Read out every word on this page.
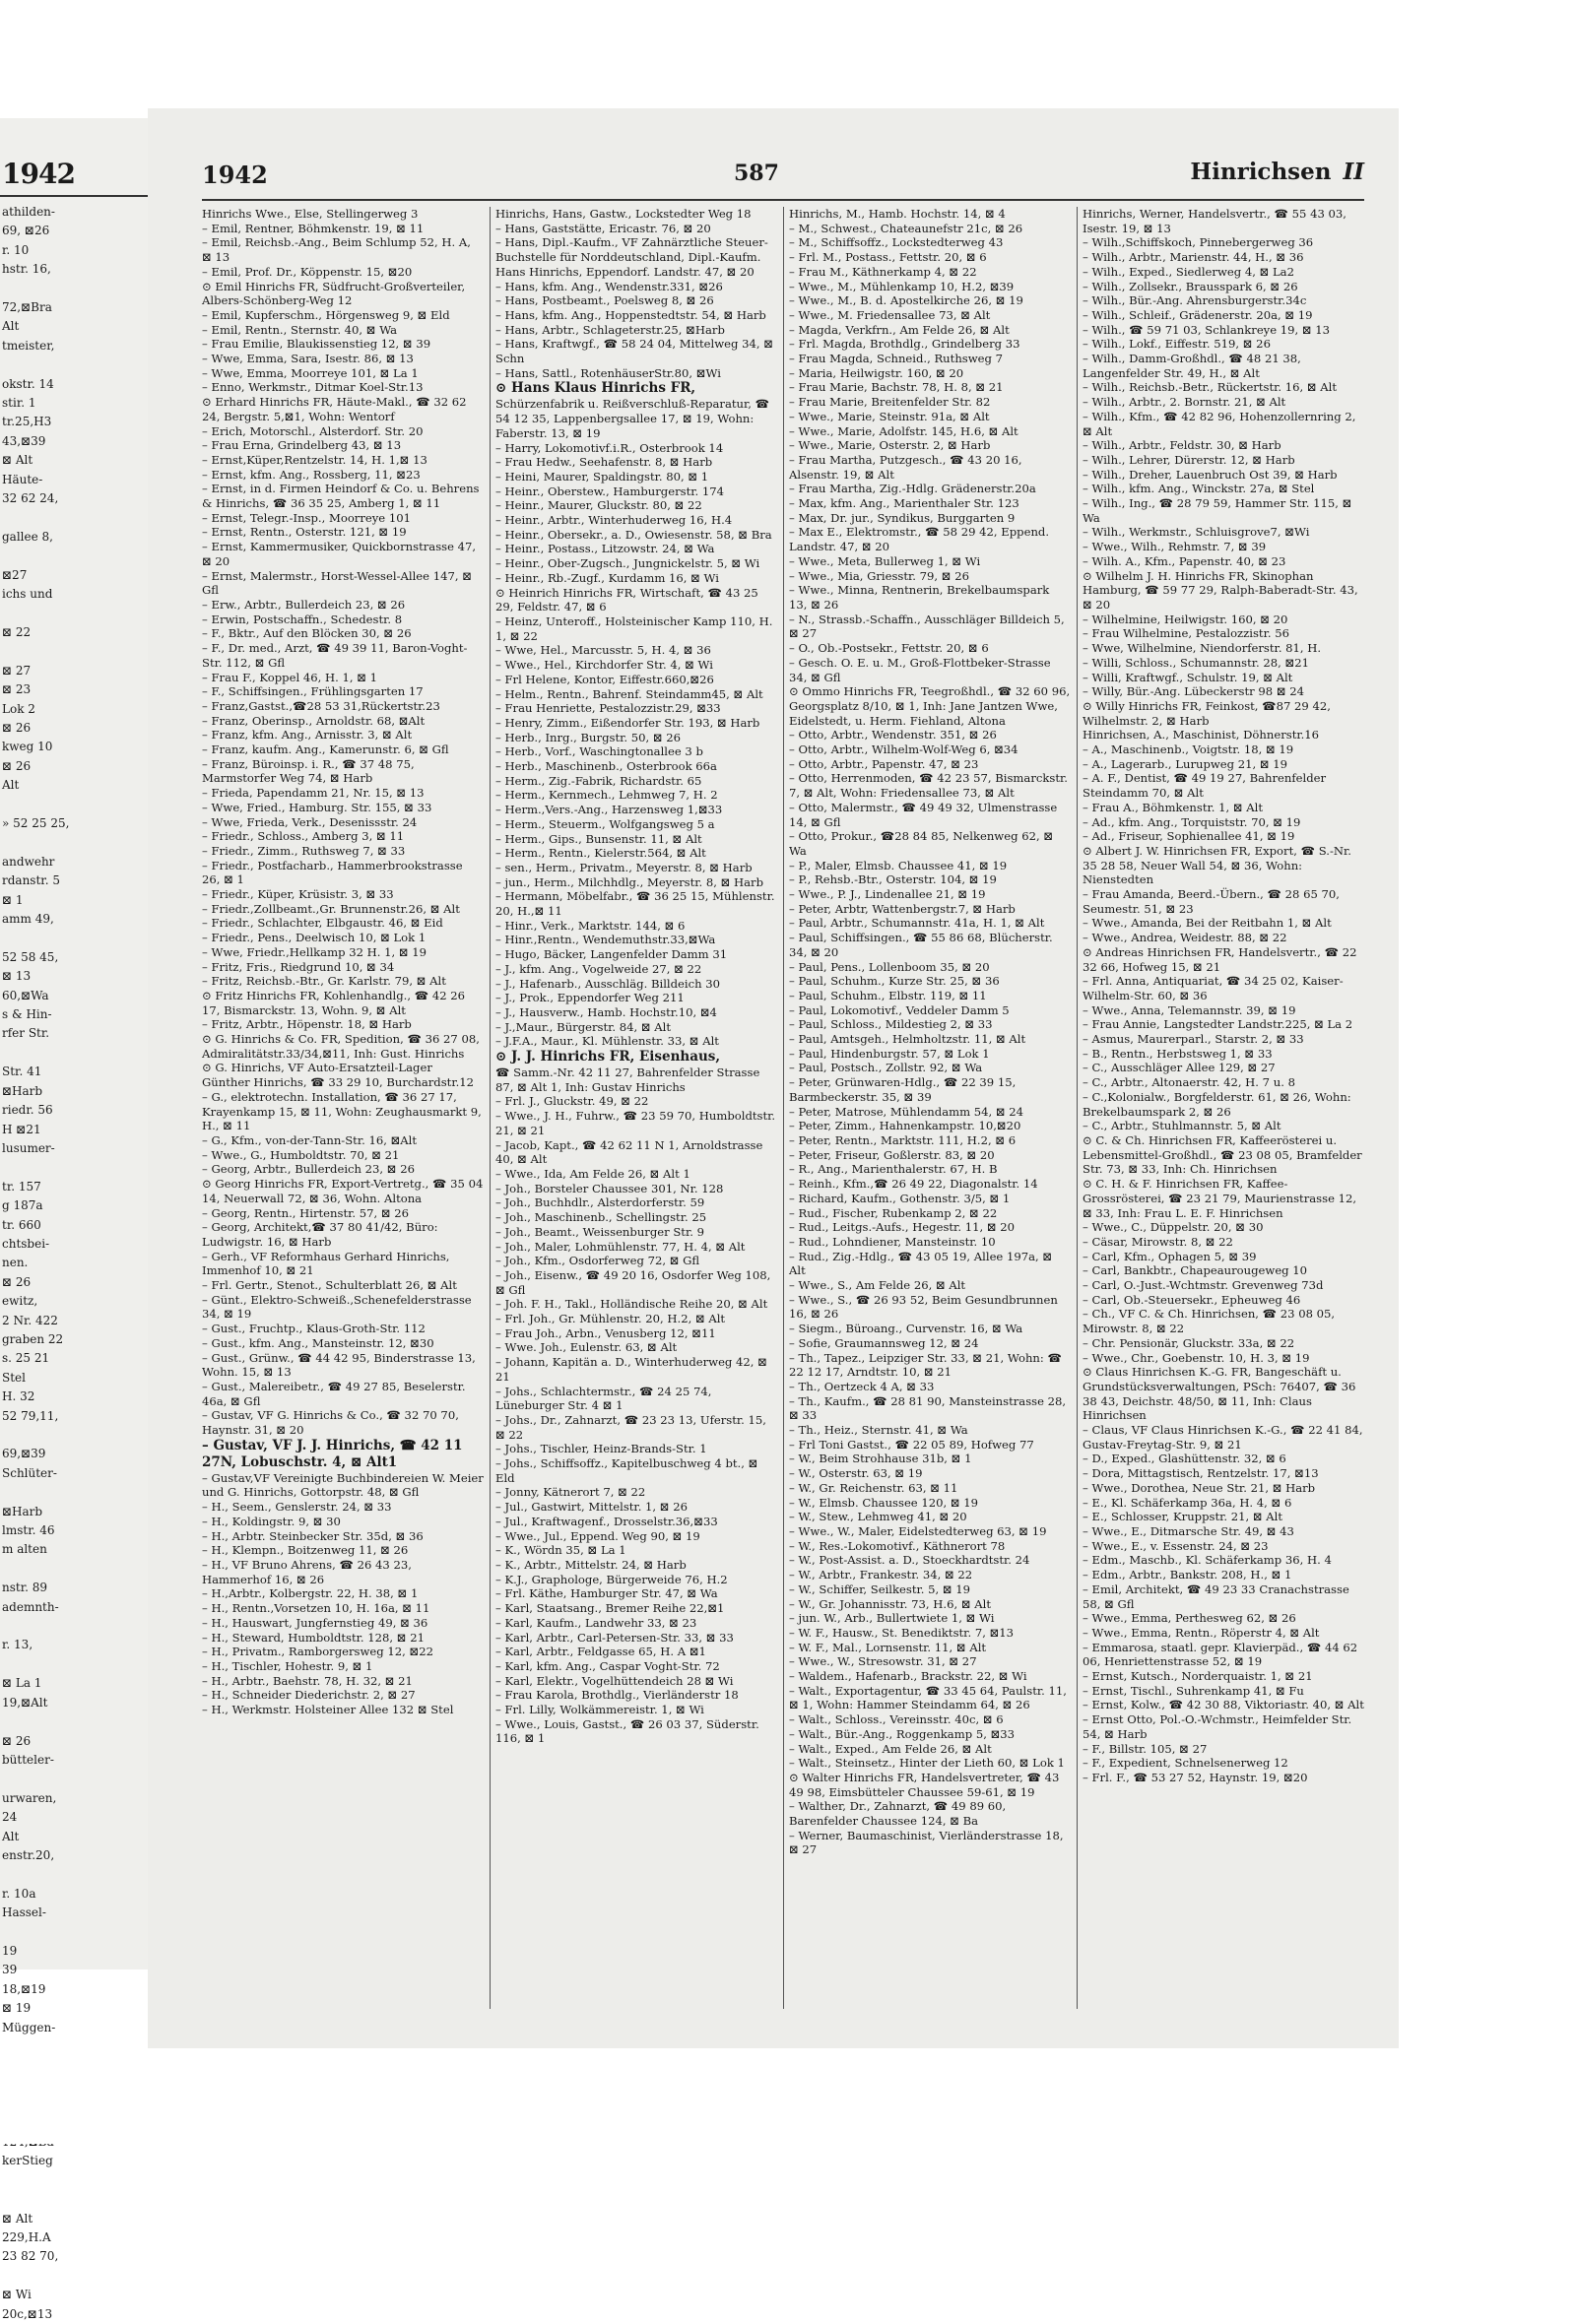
1942
athilden-
69, ⊠26
r. 10
hstr. 16,

72,⊠Bra
Alt
tmeister,

okstr. 14
stir. 1
tr.25,H3
43,⊠39
⊠ Alt
Häute-
32 62 24,

gallee 8,

⊠27
ichs und

⊠ 22

⊠ 27
⊠ 23
Lok 2
⊠ 26
kweg 10
⊠ 26
Alt

» 52 25 25,

andwehr
rdanstr. 5
⊠ 1
amm 49,

52 58 45,
⊠ 13
60,⊠Wa
s & Hin-
rfer Str.

Str. 41
⊠Harb
riedr. 56
H ⊠21
lusumer-

tr. 157
g 187a
tr. 660
chtsbei-
nen.
⊠ 26
ewitz,
2 Nr. 422
graben 22
s. 25 21
Stel
H. 32
52 79,11,

69,⊠39
Schlüter-

⊠Harb
lmstr. 46
m alten

nstr. 89
ademnth-

r. 13,

⊠ La 1
19,⊠Alt

⊠ 26
bütteler-

urwaren,
24
Alt
enstr.20,

r. 10a
Hassel-

19
39
18,⊠19
⊠ 19
Müggen-

kerStieg

⊠ Alt
229,H.A
23 82 70,

⊠ Wi
20c,⊠13
1942	587	Hinrichsen II

Hinrichs Wwe., Else, Stellingerweg 3

– Emil, Rentner, Böhmkenstr. 19, ⊠ 11

– Emil, Reichsb.-Ang., Beim Schlump 52, H. A, ⊠ 13

– Emil, Prof. Dr., Köppenstr. 15, ⊠20

⊙ Emil Hinrichs FR, Südfrucht-Großverteiler, Albers-Schönberg-Weg 12

– Emil, Kupferschm., Hörgensweg 9, ⊠ Eld

– Emil, Rentn., Sternstr. 40, ⊠ Wa

– Frau Emilie, Blaukissenstieg 12, ⊠ 39

– Wwe, Emma, Sara, Isestr. 86, ⊠ 13

– Wwe, Emma, Moorreye 101, ⊠ La 1

– Enno, Werkmstr., Ditmar Koel-Str.13

⊙ Erhard Hinrichs FR, Häute-Makl., ☎ 32 62 24, Bergstr. 5,⊠1, Wohn: Wentorf

– Erich, Motorschl., Alsterdorf. Str. 20

– Frau Erna, Grindelberg 43, ⊠ 13

– Ernst,Küper,Rentzelstr. 14, H. 1,⊠ 13

– Ernst, kfm. Ang., Rossberg, 11, ⊠23

– Ernst, in d. Firmen Heindorf & Co. u. Behrens & Hinrichs, ☎ 36 35 25, Amberg 1, ⊠ 11

– Ernst, Telegr.-Insp., Moorreye 101

– Ernst, Rentn., Osterstr. 121, ⊠ 19

– Ernst, Kammermusiker, Quickbornstrasse 47, ⊠ 20

– Ernst, Malermstr., Horst-Wessel-Allee 147, ⊠ Gfl

– Erw., Arbtr., Bullerdeich 23, ⊠ 26

– Erwin, Postschaffn., Schedestr. 8

– F., Bktr., Auf den Blöcken 30, ⊠ 26

– F., Dr. med., Arzt, ☎ 49 39 11, Baron-Voght-Str. 112, ⊠ Gfl

– Frau F., Koppel 46, H. 1, ⊠ 1

– F., Schiffsingen., Frühlingsgarten 17

– Franz,Gastst.,☎28 53 31,Rückertstr.23

– Franz, Oberinsp., Arnoldstr. 68, ⊠Alt

– Franz, kfm. Ang., Arnisstr. 3, ⊠ Alt

– Franz, kaufm. Ang., Kamerunstr. 6, ⊠ Gfl

– Franz, Büroinsp. i. R., ☎ 37 48 75, Marmstorfer Weg 74, ⊠ Harb

– Frieda, Papendamm 21, Nr. 15, ⊠ 13

– Wwe, Fried., Hamburg. Str. 155, ⊠ 33

– Wwe, Frieda, Verk., Desenissstr. 24

– Friedr., Schloss., Amberg 3, ⊠ 11

– Friedr., Zimm., Ruthsweg 7, ⊠ 33

– Friedr., Postfacharb., Hammerbrookstrasse 26, ⊠ 1

– Friedr., Küper, Krüsistr. 3, ⊠ 33

– Friedr.,Zollbeamt.,Gr. Brunnenstr.26, ⊠ Alt

– Friedr., Schlachter, Elbgaustr. 46, ⊠ Eid

– Friedr., Pens., Deelwisch 10, ⊠ Lok 1

– Wwe, Friedr.,Hellkamp 32 H. 1, ⊠ 19

– Fritz, Fris., Riedgrund 10, ⊠ 34

– Fritz, Reichsb.-Btr., Gr. Karlstr. 79, ⊠ Alt

⊙ Fritz Hinrichs FR, Kohlenhandlg., ☎ 42 26 17, Bismarckstr. 13, Wohn. 9, ⊠ Alt

– Fritz, Arbtr., Höpenstr. 18, ⊠ Harb

⊙ G. Hinrichs & Co. FR, Spedition, ☎ 36 27 08, Admiralitätstr.33/34,⊠11, Inh: Gust. Hinrichs

⊙ G. Hinrichs, VF Auto-Ersatzteil-Lager Günther Hinrichs, ☎ 33 29 10, Burchardstr.12

– G., elektrotechn. Installation, ☎ 36 27 17, Krayenkamp 15, ⊠ 11, Wohn: Zeughausmarkt 9, H., ⊠ 11

– G., Kfm., von-der-Tann-Str. 16, ⊠Alt

– Wwe., G., Humboldtstr. 70, ⊠ 21

– Georg, Arbtr., Bullerdeich 23, ⊠ 26

⊙ Georg Hinrichs FR, Export-Vertretg., ☎ 35 04 14, Neuerwall 72, ⊠ 36, Wohn. Altona

– Georg, Rentn., Hirtenstr. 57, ⊠ 26

– Georg, Architekt,☎ 37 80 41/42, Büro: Ludwigstr. 16, ⊠ Harb

– Gerh., VF Reformhaus Gerhard Hinrichs, Immenhof 10, ⊠ 21

– Frl. Gertr., Stenot., Schulterblatt 26, ⊠ Alt

– Günt., Elektro-Schweiß.,Schenefelderstrasse 34, ⊠ 19

– Gust., Fruchtp., Klaus-Groth-Str. 112

– Gust., kfm. Ang., Mansteinstr. 12, ⊠30

– Gust., Grünw., ☎ 44 42 95, Binderstrasse 13, Wohn. 15, ⊠ 13

– Gust., Malereibetr., ☎ 49 27 85, Beselerstr. 46a, ⊠ Gfl

– Gustav, VF G. Hinrichs & Co., ☎ 32 70 70, Haynstr. 31, ⊠ 20

– Gustav, VF J. J. Hinrichs, ☎ 42 11 27N, Lobuschstr. 4, ⊠ Alt1

– Gustav,VF Vereinigte Buchbindereien W. Meier und G. Hinrichs, Gottorpstr. 48, ⊠ Gfl

– H., Seem., Genslerstr. 24, ⊠ 33

– H., Koldingstr. 9, ⊠ 30

– H., Arbtr. Steinbecker Str. 35d, ⊠ 36

– H., Klempn., Boitzenweg 11, ⊠ 26

– H., VF Bruno Ahrens, ☎ 26 43 23, Hammerhof 16, ⊠ 26

– H.,Arbtr., Kolbergstr. 22, H. 38, ⊠ 1

– H., Rentn.,Vorsetzen 10, H. 16a, ⊠ 11

– H., Hauswart, Jungfernstieg 49, ⊠ 36

– H., Steward, Humboldtstr. 128, ⊠ 21

– H., Privatm., Ramborgersweg 12, ⊠22

– H., Tischler, Hohestr. 9, ⊠ 1

– H., Arbtr., Baehstr. 78, H. 32, ⊠ 21

– H., Schneider Diederichstr. 2, ⊠ 27

– H., Werkmstr. Holsteiner Allee 132 ⊠ Stel

Hinrichs, Hans, Gastw., Lockstedter Weg 18

– Hans, Gaststätte, Ericastr. 76, ⊠ 20

– Hans, Dipl.-Kaufm., VF Zahnärztliche Steuer-Buchstelle für Norddeutschland, Dipl.-Kaufm. Hans Hinrichs, Eppendorf. Landstr. 47, ⊠ 20

– Hans, kfm. Ang., Wendenstr.331, ⊠26

– Hans, Postbeamt., Poelsweg 8, ⊠ 26

– Hans, kfm. Ang., Hoppenstedtstr. 54, ⊠ Harb

– Hans, Arbtr., Schlageterstr.25, ⊠Harb

– Hans, Kraftwgf., ☎ 58 24 04, Mittelweg 34, ⊠ Schn

– Hans, Sattl., RotenhäuserStr.80, ⊠Wi

⊙ Hans Klaus Hinrichs FR,

Schürzenfabrik u. Reißverschluß-Reparatur, ☎ 54 12 35, Lappenbergsallee 17, ⊠ 19, Wohn: Faberstr. 13, ⊠ 19

– Harry, Lokomotivf.i.R., Osterbrook 14

– Frau Hedw., Seehafenstr. 8, ⊠ Harb

– Heini, Maurer, Spaldingstr. 80, ⊠ 1

– Heinr., Oberstew., Hamburgerstr. 174

– Heinr., Maurer, Gluckstr. 80, ⊠ 22

– Heinr., Arbtr., Winterhuderweg 16, H.4

– Heinr., Obersekr., a. D., Owiesenstr. 58, ⊠ Bra

– Heinr., Postass., Litzowstr. 24, ⊠ Wa

– Heinr., Ober-Zugsch., Jungnickelstr. 5, ⊠ Wi

– Heinr., Rb.-Zugf., Kurdamm 16, ⊠ Wi

⊙ Heinrich Hinrichs FR, Wirtschaft, ☎ 43 25 29, Feldstr. 47, ⊠ 6

– Heinz, Unteroff., Holsteinischer Kamp 110, H. 1, ⊠ 22

– Wwe, Hel., Marcusstr. 5, H. 4, ⊠ 36

– Wwe., Hel., Kirchdorfer Str. 4, ⊠ Wi

– Frl Helene, Kontor, Eiffestr.660,⊠26

– Helm., Rentn., Bahrenf. Steindamm45, ⊠ Alt

– Frau Henriette, Pestalozzistr.29, ⊠33

– Henry, Zimm., Eißendorfer Str. 193, ⊠ Harb

– Herb., Inrg., Burgstr. 50, ⊠ 26

– Herb., Vorf., Waschingtonallee 3 b

– Herb., Maschinenb., Osterbrook 66a

– Herm., Zig.-Fabrik, Richardstr. 65

– Herm., Kernmech., Lehmweg 7, H. 2

– Herm.,Vers.-Ang., Harzensweg 1,⊠33

– Herm., Steuerm., Wolfgangsweg 5 a

– Herm., Gips., Bunsenstr. 11, ⊠ Alt

– Herm., Rentn., Kielerstr.564, ⊠ Alt

– sen., Herm., Privatm., Meyerstr. 8, ⊠ Harb

– jun., Herm., Milchhdlg., Meyerstr. 8, ⊠ Harb

– Hermann, Möbelfabr., ☎ 36 25 15, Mühlenstr. 20, H.,⊠ 11

– Hinr., Verk., Marktstr. 144, ⊠ 6

– Hinr.,Rentn., Wendemuthstr.33,⊠Wa

– Hugo, Bäcker, Langenfelder Damm 31

– J., kfm. Ang., Vogelweide 27, ⊠ 22

– J., Hafenarb., Ausschläg. Billdeich 30

– J., Prok., Eppendorfer Weg 211

– J., Hausverw., Hamb. Hochstr.10, ⊠4

– J.,Maur., Bürgerstr. 84, ⊠ Alt

– J.F.A., Maur., Kl. Mühlenstr. 33, ⊠ Alt

⊙ J. J. Hinrichs FR, Eisenhaus,

☎ Samm.-Nr. 42 11 27, Bahrenfelder Strasse 87, ⊠ Alt 1, Inh: Gustav Hinrichs

– Frl. J., Gluckstr. 49, ⊠ 22

– Wwe., J. H., Fuhrw., ☎ 23 59 70, Humboldtstr. 21, ⊠ 21

– Jacob, Kapt., ☎ 42 62 11 N 1, Arnoldstrasse 40, ⊠ Alt

– Wwe., Ida, Am Felde 26, ⊠ Alt 1

– Joh., Borsteler Chaussee 301, Nr. 128

– Joh., Buchhdlr., Alsterdorferstr. 59

– Joh., Maschinenb., Schellingstr. 25

– Joh., Beamt., Weissenburger Str. 9

– Joh., Maler, Lohmühlenstr. 77, H. 4, ⊠ Alt

– Joh., Kfm., Osdorferweg 72, ⊠ Gfl

– Joh., Eisenw., ☎ 49 20 16, Osdorfer Weg 108, ⊠ Gfl

– Joh. F. H., Takl., Holländische Reihe 20, ⊠ Alt

– Frl. Joh., Gr. Mühlenstr. 20, H.2, ⊠ Alt

– Frau Joh., Arbn., Venusberg 12, ⊠11

– Wwe. Joh., Eulenstr. 63, ⊠ Alt

– Johann, Kapitän a. D., Winterhuderweg 42, ⊠ 21

– Johs., Schlachtermstr., ☎ 24 25 74, Lüneburger Str. 4 ⊠ 1

– Johs., Dr., Zahnarzt, ☎ 23 23 13, Uferstr. 15, ⊠ 22

– Johs., Tischler, Heinz-Brands-Str. 1

– Johs., Schiffsoffz., Kapitelbuschweg 4 bt., ⊠ Eld

– Jonny, Kätnerort 7, ⊠ 22

– Jul., Gastwirt, Mittelstr. 1, ⊠ 26

– Jul., Kraftwagenf., Drosselstr.36,⊠33

– Wwe., Jul., Eppend. Weg 90, ⊠ 19

– K., Wördn 35, ⊠ La 1

– K., Arbtr., Mittelstr. 24, ⊠ Harb

– K.J., Graphologe, Bürgerweide 76, H.2

– Frl. Käthe, Hamburger Str. 47, ⊠ Wa

– Karl, Staatsang., Bremer Reihe 22,⊠1

– Karl, Kaufm., Landwehr 33, ⊠ 23

– Karl, Arbtr., Carl-Petersen-Str. 33, ⊠ 33

– Karl, Arbtr., Feldgasse 65, H. A ⊠1

– Karl, kfm. Ang., Caspar Voght-Str. 72

– Karl, Elektr., Vogelhüttendeich 28 ⊠ Wi

– Frau Karola, Brothdlg., Vierländerstr 18

– Frl. Lilly, Wolkämmereistr. 1, ⊠ Wi

– Wwe., Louis, Gastst., ☎ 26 03 37, Süderstr. 116, ⊠ 1

Hinrichs, M., Hamb. Hochstr. 14, ⊠ 4

– M., Schwest., Chateaunefstr 21c, ⊠ 26

– M., Schiffsoffz., Lockstedterweg 43

– Frl. M., Postass., Fettstr. 20, ⊠ 6

– Frau M., Käthnerkamp 4, ⊠ 22

– Wwe., M., Mühlenkamp 10, H.2, ⊠39

– Wwe., M., B. d. Apostelkirche 26, ⊠ 19

– Wwe., M. Friedensallee 73, ⊠ Alt

– Magda, Verkfrn., Am Felde 26, ⊠ Alt

– Frl. Magda, Brothdlg., Grindelberg 33

– Frau Magda, Schneid., Ruthsweg 7

– Maria, Heilwigstr. 160, ⊠ 20

– Frau Marie, Bachstr. 78, H. 8, ⊠ 21

– Frau Marie, Breitenfelder Str. 82

– Wwe., Marie, Steinstr. 91a, ⊠ Alt

– Wwe., Marie, Adolfstr. 145, H.6, ⊠ Alt

– Wwe., Marie, Osterstr. 2, ⊠ Harb

– Frau Martha, Putzgesch., ☎ 43 20 16, Alsenstr. 19, ⊠ Alt

– Frau Martha, Zig.-Hdlg. Grädenerstr.20a

– Max, kfm. Ang., Marienthaler Str. 123

– Max, Dr. jur., Syndikus, Burggarten 9

– Max E., Elektromstr., ☎ 58 29 42, Eppend. Landstr. 47, ⊠ 20

– Wwe., Meta, Bullerweg 1, ⊠ Wi

– Wwe., Mia, Griesstr. 79, ⊠ 26

– Wwe., Minna, Rentnerin, Brekelbaumspark 13, ⊠ 26

– N., Strassb.-Schaffn., Ausschläger Billdeich 5, ⊠ 27

– O., Ob.-Postsekr., Fettstr. 20, ⊠ 6

– Gesch. O. E. u. M., Groß-Flottbeker-Strasse 34, ⊠ Gfl

⊙ Ommo Hinrichs FR, Teegroßhdl., ☎ 32 60 96, Georgsplatz 8/10, ⊠ 1, Inh: Jane Jantzen Wwe, Eidelstedt, u. Herm. Fiehland, Altona

– Otto, Arbtr., Wendenstr. 351, ⊠ 26

– Otto, Arbtr., Wilhelm-Wolf-Weg 6, ⊠34

– Otto, Arbtr., Papenstr. 47, ⊠ 23

– Otto, Herrenmoden, ☎ 42 23 57, Bismarckstr. 7, ⊠ Alt, Wohn: Friedensallee 73, ⊠ Alt

– Otto, Malermstr., ☎ 49 49 32, Ulmenstrasse 14, ⊠ Gfl

– Otto, Prokur., ☎28 84 85, Nelkenweg 62, ⊠ Wa

– P., Maler, Elmsb. Chaussee 41, ⊠ 19

– P., Rehsb.-Btr., Osterstr. 104, ⊠ 19

– Wwe., P. J., Lindenallee 21, ⊠ 19

– Peter, Arbtr, Wattenbergstr.7, ⊠ Harb

– Paul, Arbtr., Schumannstr. 41a, H. 1, ⊠ Alt

– Paul, Schiffsingen., ☎ 55 86 68, Blücherstr. 34, ⊠ 20

– Paul, Pens., Lollenboom 35, ⊠ 20

– Paul, Schuhm., Kurze Str. 25, ⊠ 36

– Paul, Schuhm., Elbstr. 119, ⊠ 11

– Paul, Lokomotivf., Veddeler Damm 5

– Paul, Schloss., Mildestieg 2, ⊠ 33

– Paul, Amtsgeh., Helmholtzstr. 11, ⊠ Alt

– Paul, Hindenburgstr. 57, ⊠ Lok 1

– Paul, Postsch., Zollstr. 92, ⊠ Wa

– Peter, Grünwaren-Hdlg., ☎ 22 39 15, Barmbeckerstr. 35, ⊠ 39

– Peter, Matrose, Mühlendamm 54, ⊠ 24

– Peter, Zimm., Hahnenkampstr. 10,⊠20

– Peter, Rentn., Marktstr. 111, H.2, ⊠ 6

– Peter, Friseur, Goßlerstr. 83, ⊠ 20

– R., Ang., Marienthalerstr. 67, H. B

– Reinh., Kfm.,☎ 26 49 22, Diagonalstr. 14

– Richard, Kaufm., Gothenstr. 3/5, ⊠ 1

– Rud., Fischer, Rubenkamp 2, ⊠ 22

– Rud., Leitgs.-Aufs., Hegestr. 11, ⊠ 20

– Rud., Lohndiener, Mansteinstr. 10

– Rud., Zig.-Hdlg., ☎ 43 05 19, Allee 197a, ⊠ Alt

– Wwe., S., Am Felde 26, ⊠ Alt

– Wwe., S., ☎ 26 93 52, Beim Gesundbrunnen 16, ⊠ 26

– Siegm., Büroang., Curvenstr. 16, ⊠ Wa

– Sofie, Graumannsweg 12, ⊠ 24

– Th., Tapez., Leipziger Str. 33, ⊠ 21, Wohn: ☎ 22 12 17, Arndtstr. 10, ⊠ 21

– Th., Oertzeck 4 A, ⊠ 33

– Th., Kaufm., ☎ 28 81 90, Mansteinstrasse 28, ⊠ 33

– Th., Heiz., Sternstr. 41, ⊠ Wa

– Frl Toni Gastst., ☎ 22 05 89, Hofweg 77

– W., Beim Strohhause 31b, ⊠ 1

– W., Osterstr. 63, ⊠ 19

– W., Gr. Reichenstr. 63, ⊠ 11

– W., Elmsb. Chaussee 120, ⊠ 19

– W., Stew., Lehmweg 41, ⊠ 20

– Wwe., W., Maler, Eidelstedterweg 63, ⊠ 19

– W., Res.-Lokomotivf., Käthnerort 78

– W., Post-Assist. a. D., Stoeckhardtstr. 24

– W., Arbtr., Frankestr. 34, ⊠ 22

– W., Schiffer, Seilkestr. 5, ⊠ 19

– W., Gr. Johannisstr. 73, H.6, ⊠ Alt

– jun. W., Arb., Bullertwiete 1, ⊠ Wi

– W. F., Hausw., St. Benediktstr. 7, ⊠13

– W. F., Mal., Lornsenstr. 11, ⊠ Alt

– Wwe., W., Stresowstr. 31, ⊠ 27

– Waldem., Hafenarb., Brackstr. 22, ⊠ Wi

– Walt., Exportagentur, ☎ 33 45 64, Paulstr. 11, ⊠ 1, Wohn: Hammer Steindamm 64, ⊠ 26

– Walt., Schloss., Vereinsstr. 40c, ⊠ 6

– Walt., Bür.-Ang., Roggenkamp 5, ⊠33

– Walt., Exped., Am Felde 26, ⊠ Alt

– Walt., Steinsetz., Hinter der Lieth 60, ⊠ Lok 1

⊙ Walter Hinrichs FR, Handelsvertreter, ☎ 43 49 98, Eimsbütteler Chaussee 59-61, ⊠ 19

– Walther, Dr., Zahnarzt, ☎ 49 89 60, Barenfelder Chaussee 124, ⊠ Ba

– Werner, Baumaschinist, Vierländerstrasse 18, ⊠ 27

Hinrichs, Werner, Handelsvertr., ☎ 55 43 03, Isestr. 19, ⊠ 13

– Wilh.,Schiffskoch, Pinnebergerweg 36

– Wilh., Arbtr., Marienstr. 44, H., ⊠ 36

– Wilh., Exped., Siedlerweg 4, ⊠ La2

– Wilh., Zollsekr., Brausspark 6, ⊠ 26

– Wilh., Bür.-Ang. Ahrensburgerstr.34c

– Wilh., Schleif., Grädenerstr. 20a, ⊠ 19

– Wilh., ☎ 59 71 03, Schlankreye 19, ⊠ 13

– Wilh., Lokf., Eiffestr. 519, ⊠ 26

– Wilh., Damm-Großhdl., ☎ 48 21 38, Langenfelder Str. 49, H., ⊠ Alt

– Wilh., Reichsb.-Betr., Rückertstr. 16, ⊠ Alt

– Wilh., Arbtr., 2. Bornstr. 21, ⊠ Alt

– Wilh., Kfm., ☎ 42 82 96, Hohenzollernring 2, ⊠ Alt

– Wilh., Arbtr., Feldstr. 30, ⊠ Harb

– Wilh., Lehrer, Dürerstr. 12, ⊠ Harb

– Wilh., Dreher, Lauenbruch Ost 39, ⊠ Harb

– Wilh., kfm. Ang., Winckstr. 27a, ⊠ Stel

– Wilh., Ing., ☎ 28 79 59, Hammer Str. 115, ⊠ Wa

– Wilh., Werkmstr., Schluisgrove7, ⊠Wi

– Wwe., Wilh., Rehmstr. 7, ⊠ 39

– Wilh. A., Kfm., Papenstr. 40, ⊠ 23

⊙ Wilhelm J. H. Hinrichs FR, Skinophan Hamburg, ☎ 59 77 29, Ralph-Baberadt-Str. 43, ⊠ 20

– Wilhelmine, Heilwigstr. 160, ⊠ 20

– Frau Wilhelmine, Pestalozzistr. 56

– Wwe, Wilhelmine, Niendorferstr. 81, H.

– Willi, Schloss., Schumannstr. 28, ⊠21

– Willi, Kraftwgf., Schulstr. 19, ⊠ Alt

– Willy, Bür.-Ang. Lübeckerstr 98 ⊠ 24

⊙ Willy Hinrichs FR, Feinkost, ☎87 29 42, Wilhelmstr. 2, ⊠ Harb

Hinrichsen, A., Maschinist, Döhnerstr.16

– A., Maschinenb., Voigtstr. 18, ⊠ 19

– A., Lagerarb., Lurupweg 21, ⊠ 19

– A. F., Dentist, ☎ 49 19 27, Bahrenfelder Steindamm 70, ⊠ Alt

– Frau A., Böhmkenstr. 1, ⊠ Alt

– Ad., kfm. Ang., Torquiststr. 70, ⊠ 19

– Ad., Friseur, Sophienallee 41, ⊠ 19

⊙ Albert J. W. Hinrichsen FR, Export, ☎ S.-Nr. 35 28 58, Neuer Wall 54, ⊠ 36, Wohn: Nienstedten

– Frau Amanda, Beerd.-Übern., ☎ 28 65 70, Seumestr. 51, ⊠ 23

– Wwe., Amanda, Bei der Reitbahn 1, ⊠ Alt

– Wwe., Andrea, Weidestr. 88, ⊠ 22

⊙ Andreas Hinrichsen FR, Handelsvertr., ☎ 22 32 66, Hofweg 15, ⊠ 21

– Frl. Anna, Antiquariat, ☎ 34 25 02, Kaiser-Wilhelm-Str. 60, ⊠ 36

– Wwe., Anna, Telemannstr. 39, ⊠ 19

– Frau Annie, Langstedter Landstr.225, ⊠ La 2

– Asmus, Maurerparl., Starstr. 2, ⊠ 33

– B., Rentn., Herbstsweg 1, ⊠ 33

– C., Ausschläger Allee 129, ⊠ 27

– C., Arbtr., Altonaerstr. 42, H. 7 u. 8

– C.,Kolonialw., Borgfelderstr. 61, ⊠ 26, Wohn: Brekelbaumspark 2, ⊠ 26

– C., Arbtr., Stuhlmannstr. 5, ⊠ Alt

⊙ C. & Ch. Hinrichsen FR, Kaffeerösterei u. Lebensmittel-Großhdl., ☎ 23 08 05, Bramfelder Str. 73, ⊠ 33, Inh: Ch. Hinrichsen

⊙ C. H. & F. Hinrichsen FR, Kaffee-Grossrösterei, ☎ 23 21 79, Maurienstrasse 12, ⊠ 33, Inh: Frau L. E. F. Hinrichsen

– Wwe., C., Düppelstr. 20, ⊠ 30

– Cäsar, Mirowstr. 8, ⊠ 22

– Carl, Kfm., Ophagen 5, ⊠ 39

– Carl, Bankbtr., Chapeaurougeweg 10

– Carl, O.-Just.-Wchtmstr. Grevenweg 73d

– Carl, Ob.-Steuersekr., Epheuweg 46

– Ch., VF C. & Ch. Hinrichsen, ☎ 23 08 05, Mirowstr. 8, ⊠ 22

– Chr. Pensionär, Gluckstr. 33a, ⊠ 22

– Wwe., Chr., Goebenstr. 10, H. 3, ⊠ 19

⊙ Claus Hinrichsen K.-G. FR, Bangeschäft u. Grundstücksverwaltungen, PSch: 76407, ☎ 36 38 43, Deichstr. 48/50, ⊠ 11, Inh: Claus Hinrichsen

– Claus, VF Claus Hinrichsen K.-G., ☎ 22 41 84, Gustav-Freytag-Str. 9, ⊠ 21

– D., Exped., Glashüttenstr. 32, ⊠ 6

– Dora, Mittagstisch, Rentzelstr. 17, ⊠13

– Wwe., Dorothea, Neue Str. 21, ⊠ Harb

– E., Kl. Schäferkamp 36a, H. 4, ⊠ 6

– E., Schlosser, Kruppstr. 21, ⊠ Alt

– Wwe., E., Ditmarsche Str. 49, ⊠ 43

– Wwe., E., v. Essenstr. 24, ⊠ 23

– Edm., Maschb., Kl. Schäferkamp 36, H. 4

– Edm., Arbtr., Bankstr. 208, H., ⊠ 1

– Emil, Architekt, ☎ 49 23 33 Cranachstrasse 58, ⊠ Gfl

– Wwe., Emma, Perthesweg 62, ⊠ 26

– Wwe., Emma, Rentn., Röperstr 4, ⊠ Alt

– Emmarosa, staatl. gepr. Klavierpäd., ☎ 44 62 06, Henriettenstrasse 52, ⊠ 19

– Ernst, Kutsch., Norderquaistr. 1, ⊠ 21

– Ernst, Tischl., Suhrenkamp 41, ⊠ Fu

– Ernst, Kolw., ☎ 42 30 88, Viktoriastr. 40, ⊠ Alt

– Ernst Otto, Pol.-O.-Wchmstr., Heimfelder Str. 54, ⊠ Harb

– F., Billstr. 105, ⊠ 27

– F., Expedient, Schnelsenerweg 12

– Frl. F., ☎ 53 27 52, Haynstr. 19, ⊠20
